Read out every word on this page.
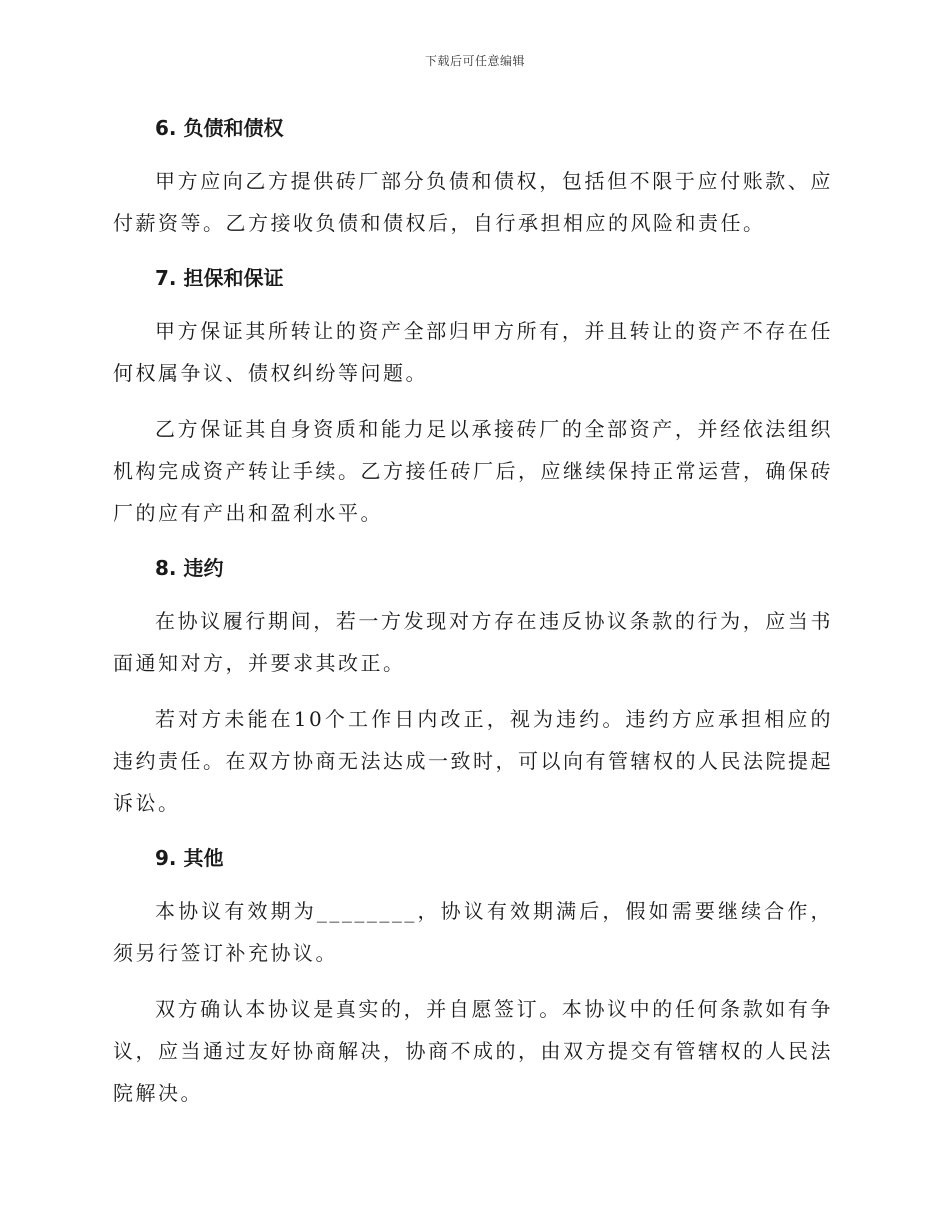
下载后可任意编辑

6. 负债和债权

甲方应向乙方提供砖厂部分负债和债权，包括但不限于应付账款、应付薪资等。乙方接收负债和债权后，自行承担相应的风险和责任。

7. 担保和保证

甲方保证其所转让的资产全部归甲方所有，并且转让的资产不存在任何权属争议、债权纠纷等问题。

乙方保证其自身资质和能力足以承接砖厂的全部资产，并经依法组织机构完成资产转让手续。乙方接任砖厂后，应继续保持正常运营，确保砖厂的应有产出和盈利水平。

8. 违约

在协议履行期间，若一方发现对方存在违反协议条款的行为，应当书面通知对方，并要求其改正。

若对方未能在10个工作日内改正，视为违约。违约方应承担相应的违约责任。在双方协商无法达成一致时，可以向有管辖权的人民法院提起诉讼。

9. 其他

本协议有效期为________，协议有效期满后，假如需要继续合作，须另行签订补充协议。

双方确认本协议是真实的，并自愿签订。本协议中的任何条款如有争议，应当通过友好协商解决，协商不成的，由双方提交有管辖权的人民法院解决。
